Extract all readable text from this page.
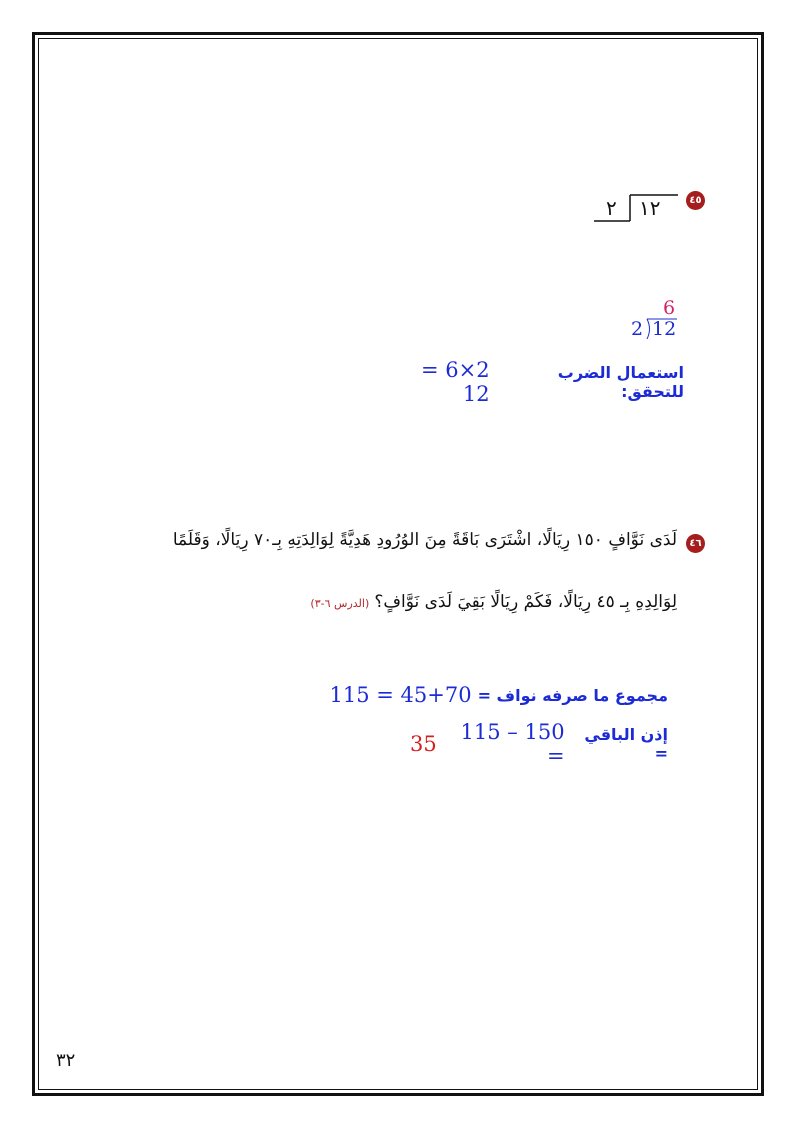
٤٥
٢ ١٢
6
2 12
استعمال الضرب للتحقق:
2×6 = 12
٤٦
لَدَى نَوَّافٍ ١٥٠ رِيَالًا، اشْتَرَى بَاقَةً مِنَ الوُرُودِ هَدِيَّةً لِوَالِدَتِهِ بِـ٧٠ رِيَالًا، وَقَلَمًا
لِوَالِدِهِ بِـ ٤٥ رِيَالًا، فَكَمْ رِيَالًا بَقِيَ لَدَى نَوَّافٍ؟ (الدرس ٦-٣)
مجموع ما صرفه نواف =
45+70 = 115
إذن الباقي =
150 – 115 =
35
٣٢
